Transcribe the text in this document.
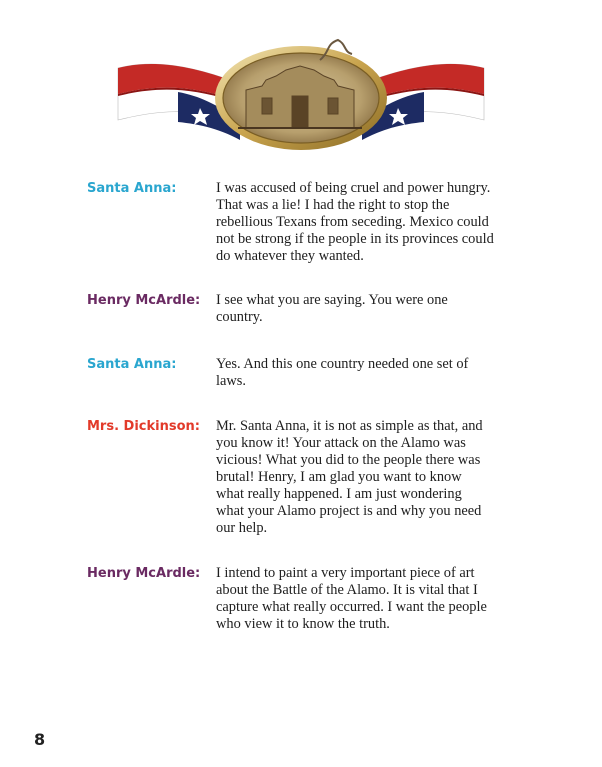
Santa Anna:	I was accused of being cruel and power hungry.
That was a lie! I had the right to stop the
rebellious Texans from seceding. Mexico could
not be strong if the people in its provinces could
do whatever they wanted.
Henry McArdle:	I see what you are saying. You were one
country.
Santa Anna:	Yes. And this one country needed one set of
laws.
Mrs. Dickinson:	Mr. Santa Anna, it is not as simple as that, and
you know it! Your attack on the Alamo was
vicious! What you did to the people there was
brutal! Henry, I am glad you want to know
what really happened. I am just wondering
what your Alamo project is and why you need
our help.
Henry McArdle:	I intend to paint a very important piece of art
about the Battle of the Alamo. It is vital that I
capture what really occurred. I want the people
who view it to know the truth.
8
